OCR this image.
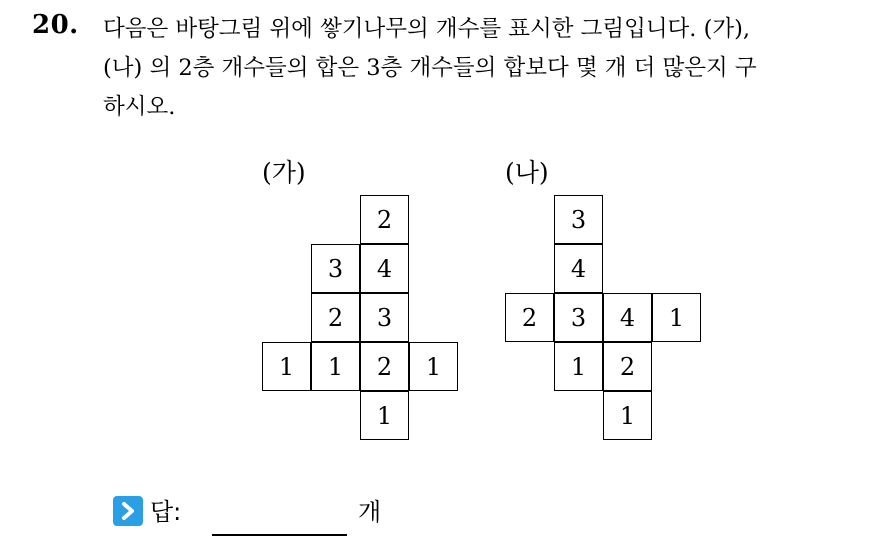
20. 다음은 바탕그림 위에 쌓기나무의 개수를 표시한 그림입니다. (가),
(나) 의 2층 개수들의 합은 3층 개수들의 합보다 몇 개 더 많은지 구
하시오.
(가)	(나)
답:	개
2
3	4
2	3
1	1	2	1
1
3
4
2	3	4	1
1	2
1
